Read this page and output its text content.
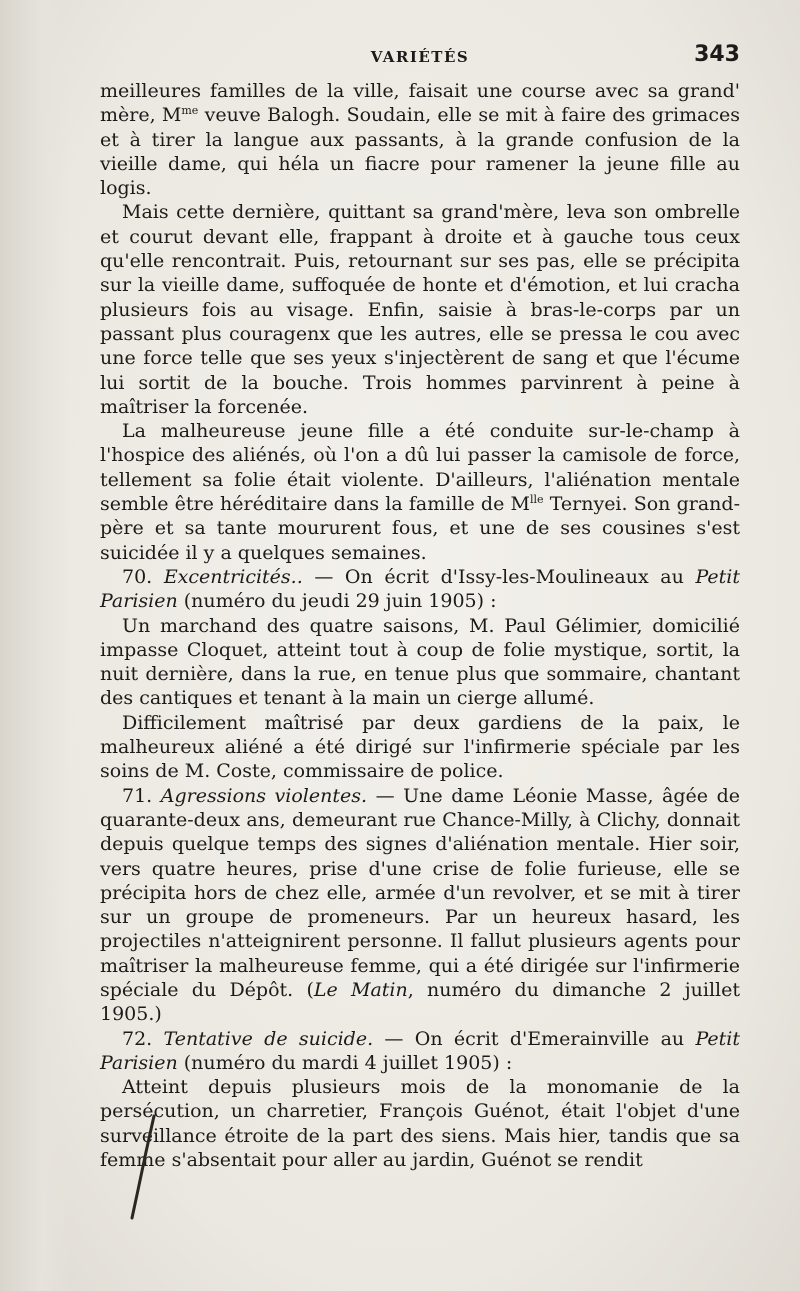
VARIÉTÉS	343

meilleures familles de la ville, faisait une course avec sa grand' mère, $M^{me}$ veuve Balogh. Soudain, elle se mit à faire des grimaces et à tirer la langue aux passants, à la grande confusion de la vieille dame, qui héla un fiacre pour ramener la jeune fille au logis.

Mais cette dernière, quittant sa grand'mère, leva son ombrelle et courut devant elle, frappant à droite et à gauche tous ceux qu'elle rencontrait. Puis, retournant sur ses pas, elle se précipita sur la vieille dame, suffoquée de honte et d'émotion, et lui cracha plusieurs fois au visage. Enfin, saisie à bras-le-corps par un passant plus couragenx que les autres, elle se pressa le cou avec une force telle que ses yeux s'injectèrent de sang et que l'écume lui sortit de la bouche. Trois hommes parvinrent à peine à maîtriser la forcenée.

La malheureuse jeune fille a été conduite sur-le-champ à l'hospice des aliénés, où l'on a dû lui passer la camisole de force, tellement sa folie était violente. D'ailleurs, l'aliénation mentale semble être héréditaire dans la famille de $M^{lle}$ Ternyei. Son grand-père et sa tante moururent fous, et une de ses cousines s'est suicidée il y a quelques semaines.

70. Excentricités.. — On écrit d'Issy-les-Moulineaux au Petit Parisien (numéro du jeudi 29 juin 1905) :

Un marchand des quatre saisons, M. Paul Gélimier, domicilié impasse Cloquet, atteint tout à coup de folie mystique, sortit, la nuit dernière, dans la rue, en tenue plus que sommaire, chantant des cantiques et tenant à la main un cierge allumé.

Difficilement maîtrisé par deux gardiens de la paix, le malheureux aliéné a été dirigé sur l'infirmerie spéciale par les soins de M. Coste, commissaire de police.

71. Agressions violentes. — Une dame Léonie Masse, âgée de quarante-deux ans, demeurant rue Chance-Milly, à Clichy, donnait depuis quelque temps des signes d'aliénation mentale. Hier soir, vers quatre heures, prise d'une crise de folie furieuse, elle se précipita hors de chez elle, armée d'un revolver, et se mit à tirer sur un groupe de promeneurs. Par un heureux hasard, les projectiles n'atteignirent personne. Il fallut plusieurs agents pour maîtriser la malheureuse femme, qui a été dirigée sur l'infirmerie spéciale du Dépôt. (Le Matin, numéro du dimanche 2 juillet 1905.)

72. Tentative de suicide. — On écrit d'Emerainville au Petit Parisien (numéro du mardi 4 juillet 1905) :

Atteint depuis plusieurs mois de la monomanie de la persécution, un charretier, François Guénot, était l'objet d'une surveillance étroite de la part des siens. Mais hier, tandis que sa femme s'absentait pour aller au jardin, Guénot se rendit
